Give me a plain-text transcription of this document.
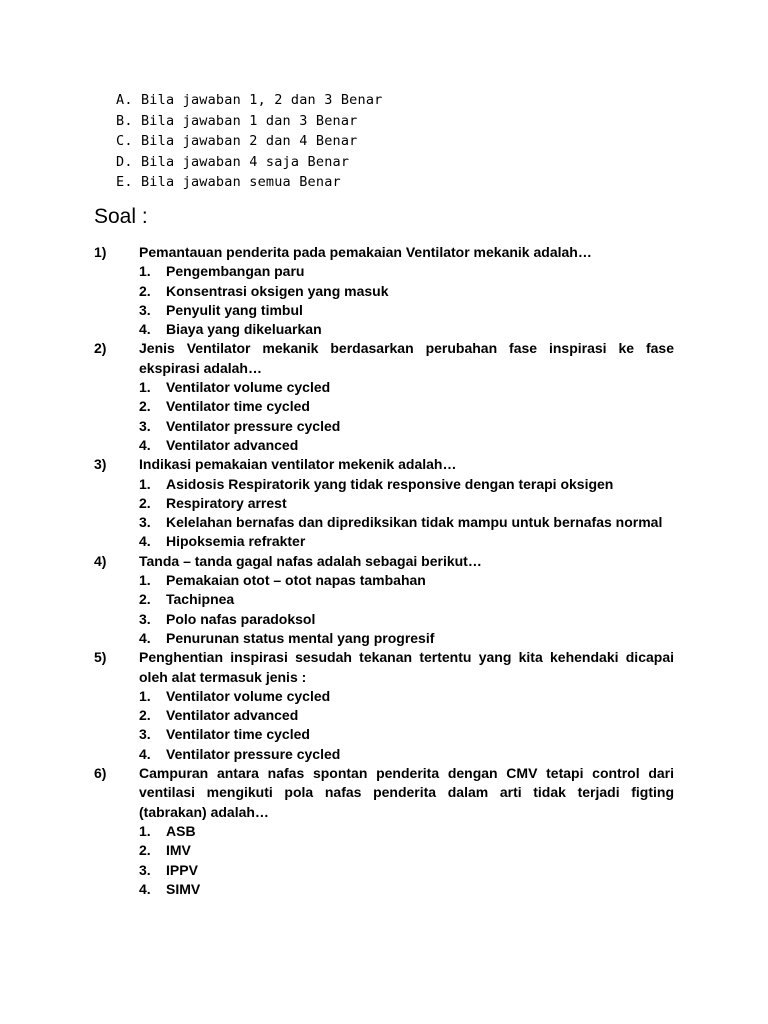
A. Bila jawaban 1, 2 dan 3 Benar
B. Bila jawaban 1 dan 3 Benar
C. Bila jawaban 2 dan 4 Benar
D. Bila jawaban 4 saja Benar
E. Bila jawaban semua Benar
Soal :
1) Pemantauan penderita pada pemakaian Ventilator mekanik adalah…
1. Pengembangan paru
2. Konsentrasi oksigen yang masuk
3. Penyulit yang timbul
4. Biaya yang dikeluarkan
2) Jenis Ventilator mekanik berdasarkan perubahan fase inspirasi ke fase ekspirasi adalah…
1. Ventilator volume cycled
2. Ventilator time cycled
3. Ventilator pressure cycled
4. Ventilator advanced
3) Indikasi pemakaian ventilator mekenik adalah…
1. Asidosis Respiratorik yang tidak responsive dengan terapi oksigen
2. Respiratory arrest
3. Kelelahan bernafas dan diprediksikan tidak mampu untuk bernafas normal
4. Hipoksemia refrakter
4) Tanda – tanda gagal nafas adalah sebagai berikut…
1. Pemakaian otot – otot napas tambahan
2. Tachipnea
3. Polo nafas paradoksol
4. Penurunan status mental yang progresif
5) Penghentian inspirasi sesudah tekanan tertentu yang kita kehendaki dicapai oleh alat termasuk jenis :
1. Ventilator volume cycled
2. Ventilator advanced
3. Ventilator time cycled
4. Ventilator pressure cycled
6) Campuran antara nafas spontan penderita dengan CMV tetapi control dari ventilasi mengikuti pola nafas penderita dalam arti tidak terjadi figting (tabrakan) adalah…
1. ASB
2. IMV
3. IPPV
4. SIMV
